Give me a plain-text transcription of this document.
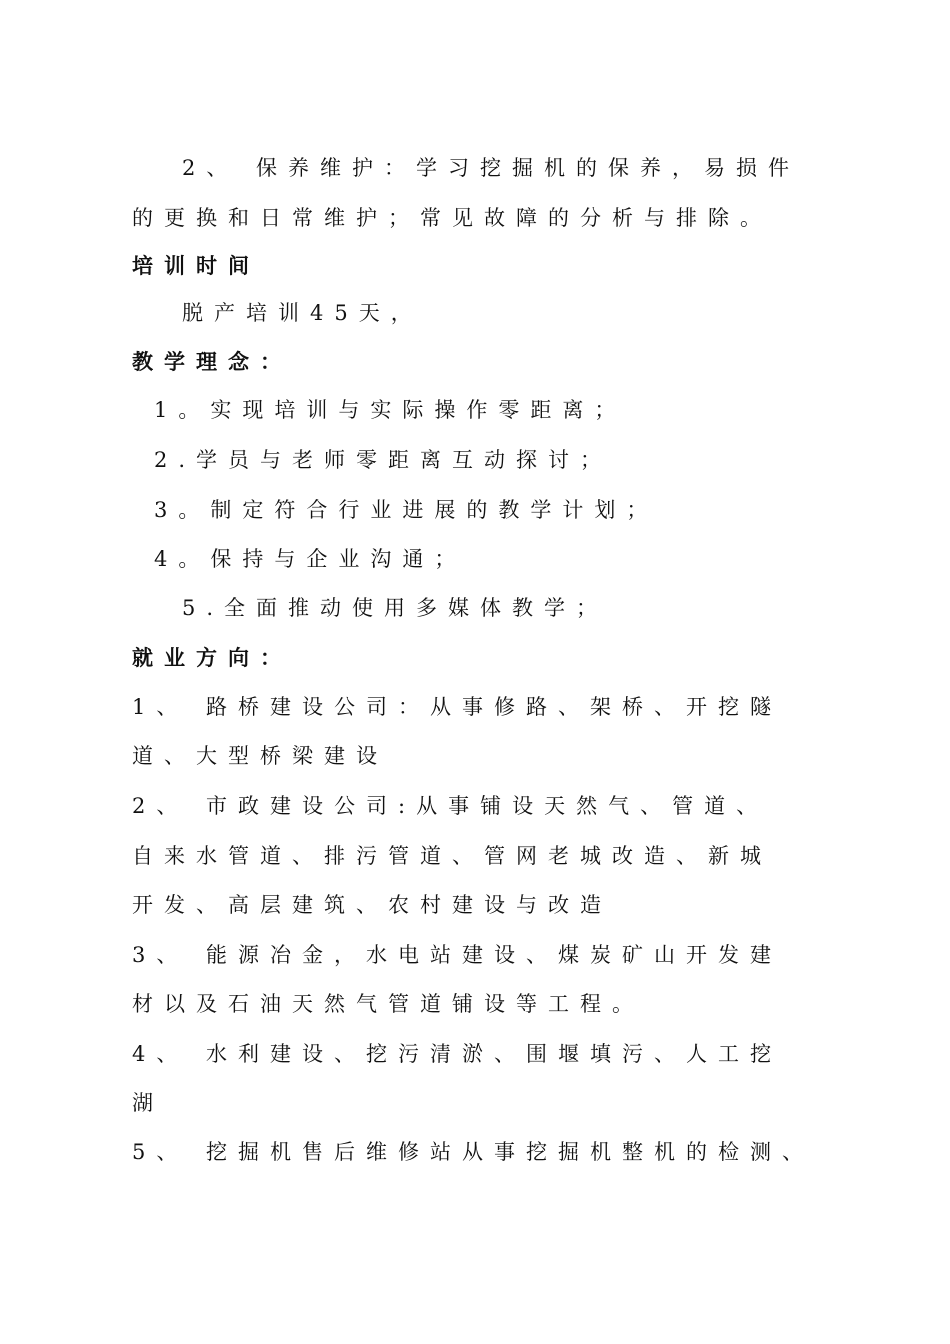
2、 保养维护：学习挖掘机的保养，易损件

的更换和日常维护；常见故障的分析与排除。

培训时间

脱产培训45天，

教学理念：

1。实现培训与实际操作零距离；

2.学员与老师零距离互动探讨；

3。制定符合行业进展的教学计划；

4。保持与企业沟通；

5.全面推动使用多媒体教学；

就业方向：

1、 路桥建设公司：从事修路、架桥、开挖隧

道、大型桥梁建设

2、 市政建设公司:从事铺设天然气、管道、

自来水管道、排污管道、管网老城改造、新城

开发、高层建筑、农村建设与改造

3、 能源冶金，水电站建设、煤炭矿山开发建

材以及石油天然气管道铺设等工程。

4、 水利建设、挖污清淤、围堰填污、人工挖

湖

5、 挖掘机售后维修站从事挖掘机整机的检测、
